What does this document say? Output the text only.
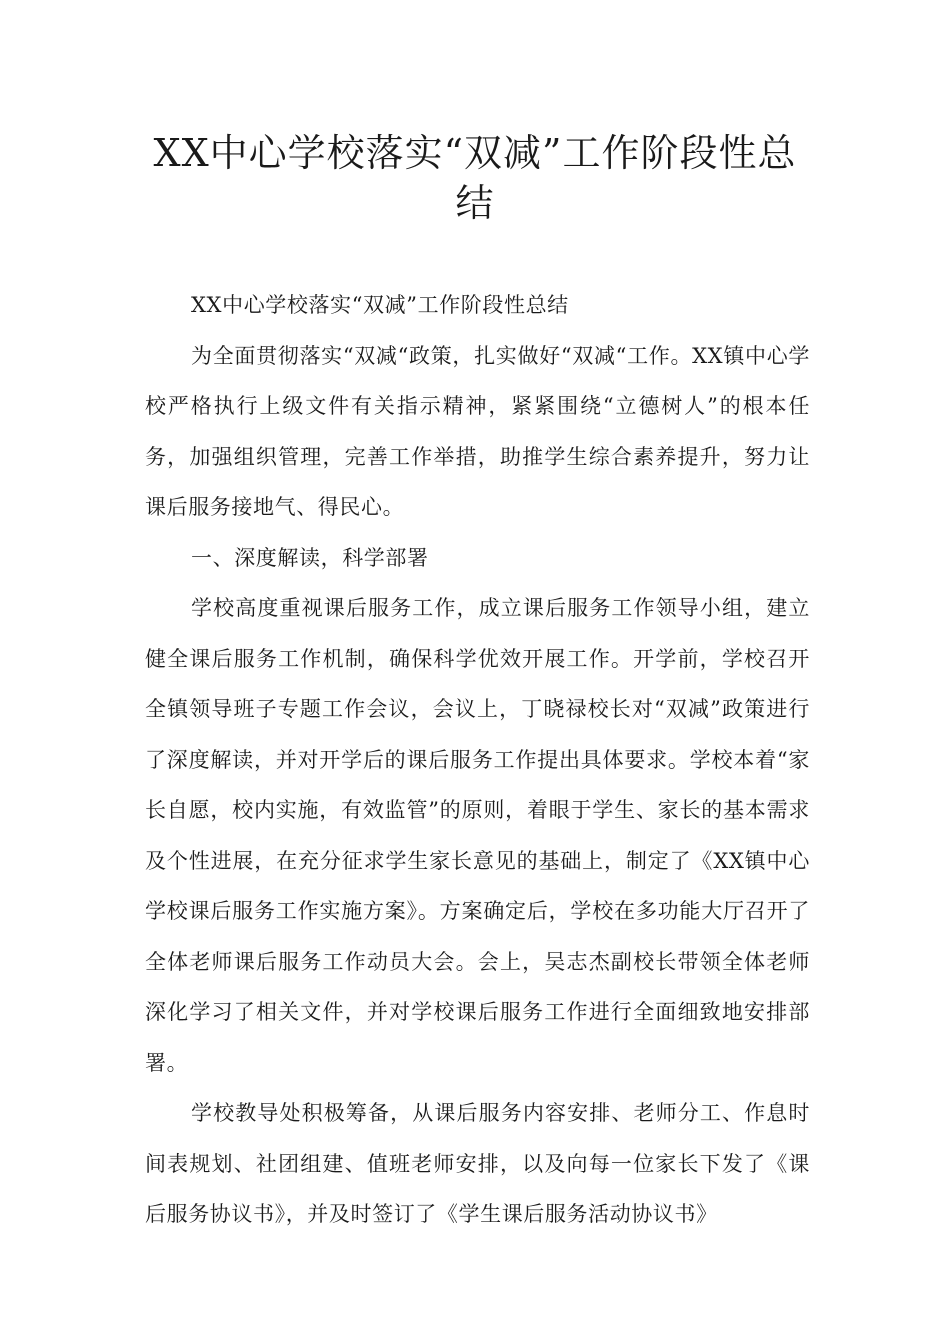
XX中心学校落实“双减”工作阶段性总结

XX中心学校落实“双减”工作阶段性总结

为全面贯彻落实“双减“政策，扎实做好“双减“工作。XX镇中心学校严格执行上级文件有关指示精神，紧紧围绕“立德树人”的根本任务，加强组织管理，完善工作举措，助推学生综合素养提升，努力让课后服务接地气、得民心。

一、深度解读，科学部署

学校高度重视课后服务工作，成立课后服务工作领导小组，建立健全课后服务工作机制，确保科学优效开展工作。开学前，学校召开全镇领导班子专题工作会议，会议上，丁晓禄校长对“双减”政策进行了深度解读，并对开学后的课后服务工作提出具体要求。学校本着“家长自愿，校内实施，有效监管”的原则，着眼于学生、家长的基本需求及个性进展，在充分征求学生家长意见的基础上，制定了《XX镇中心学校课后服务工作实施方案》。方案确定后，学校在多功能大厅召开了全体老师课后服务工作动员大会。会上，吴志杰副校长带领全体老师深化学习了相关文件，并对学校课后服务工作进行全面细致地安排部署。

学校教导处积极筹备，从课后服务内容安排、老师分工、作息时间表规划、社团组建、值班老师安排，以及向每一位家长下发了《课后服务协议书》，并及时签订了《学生课后服务活动协议书》
